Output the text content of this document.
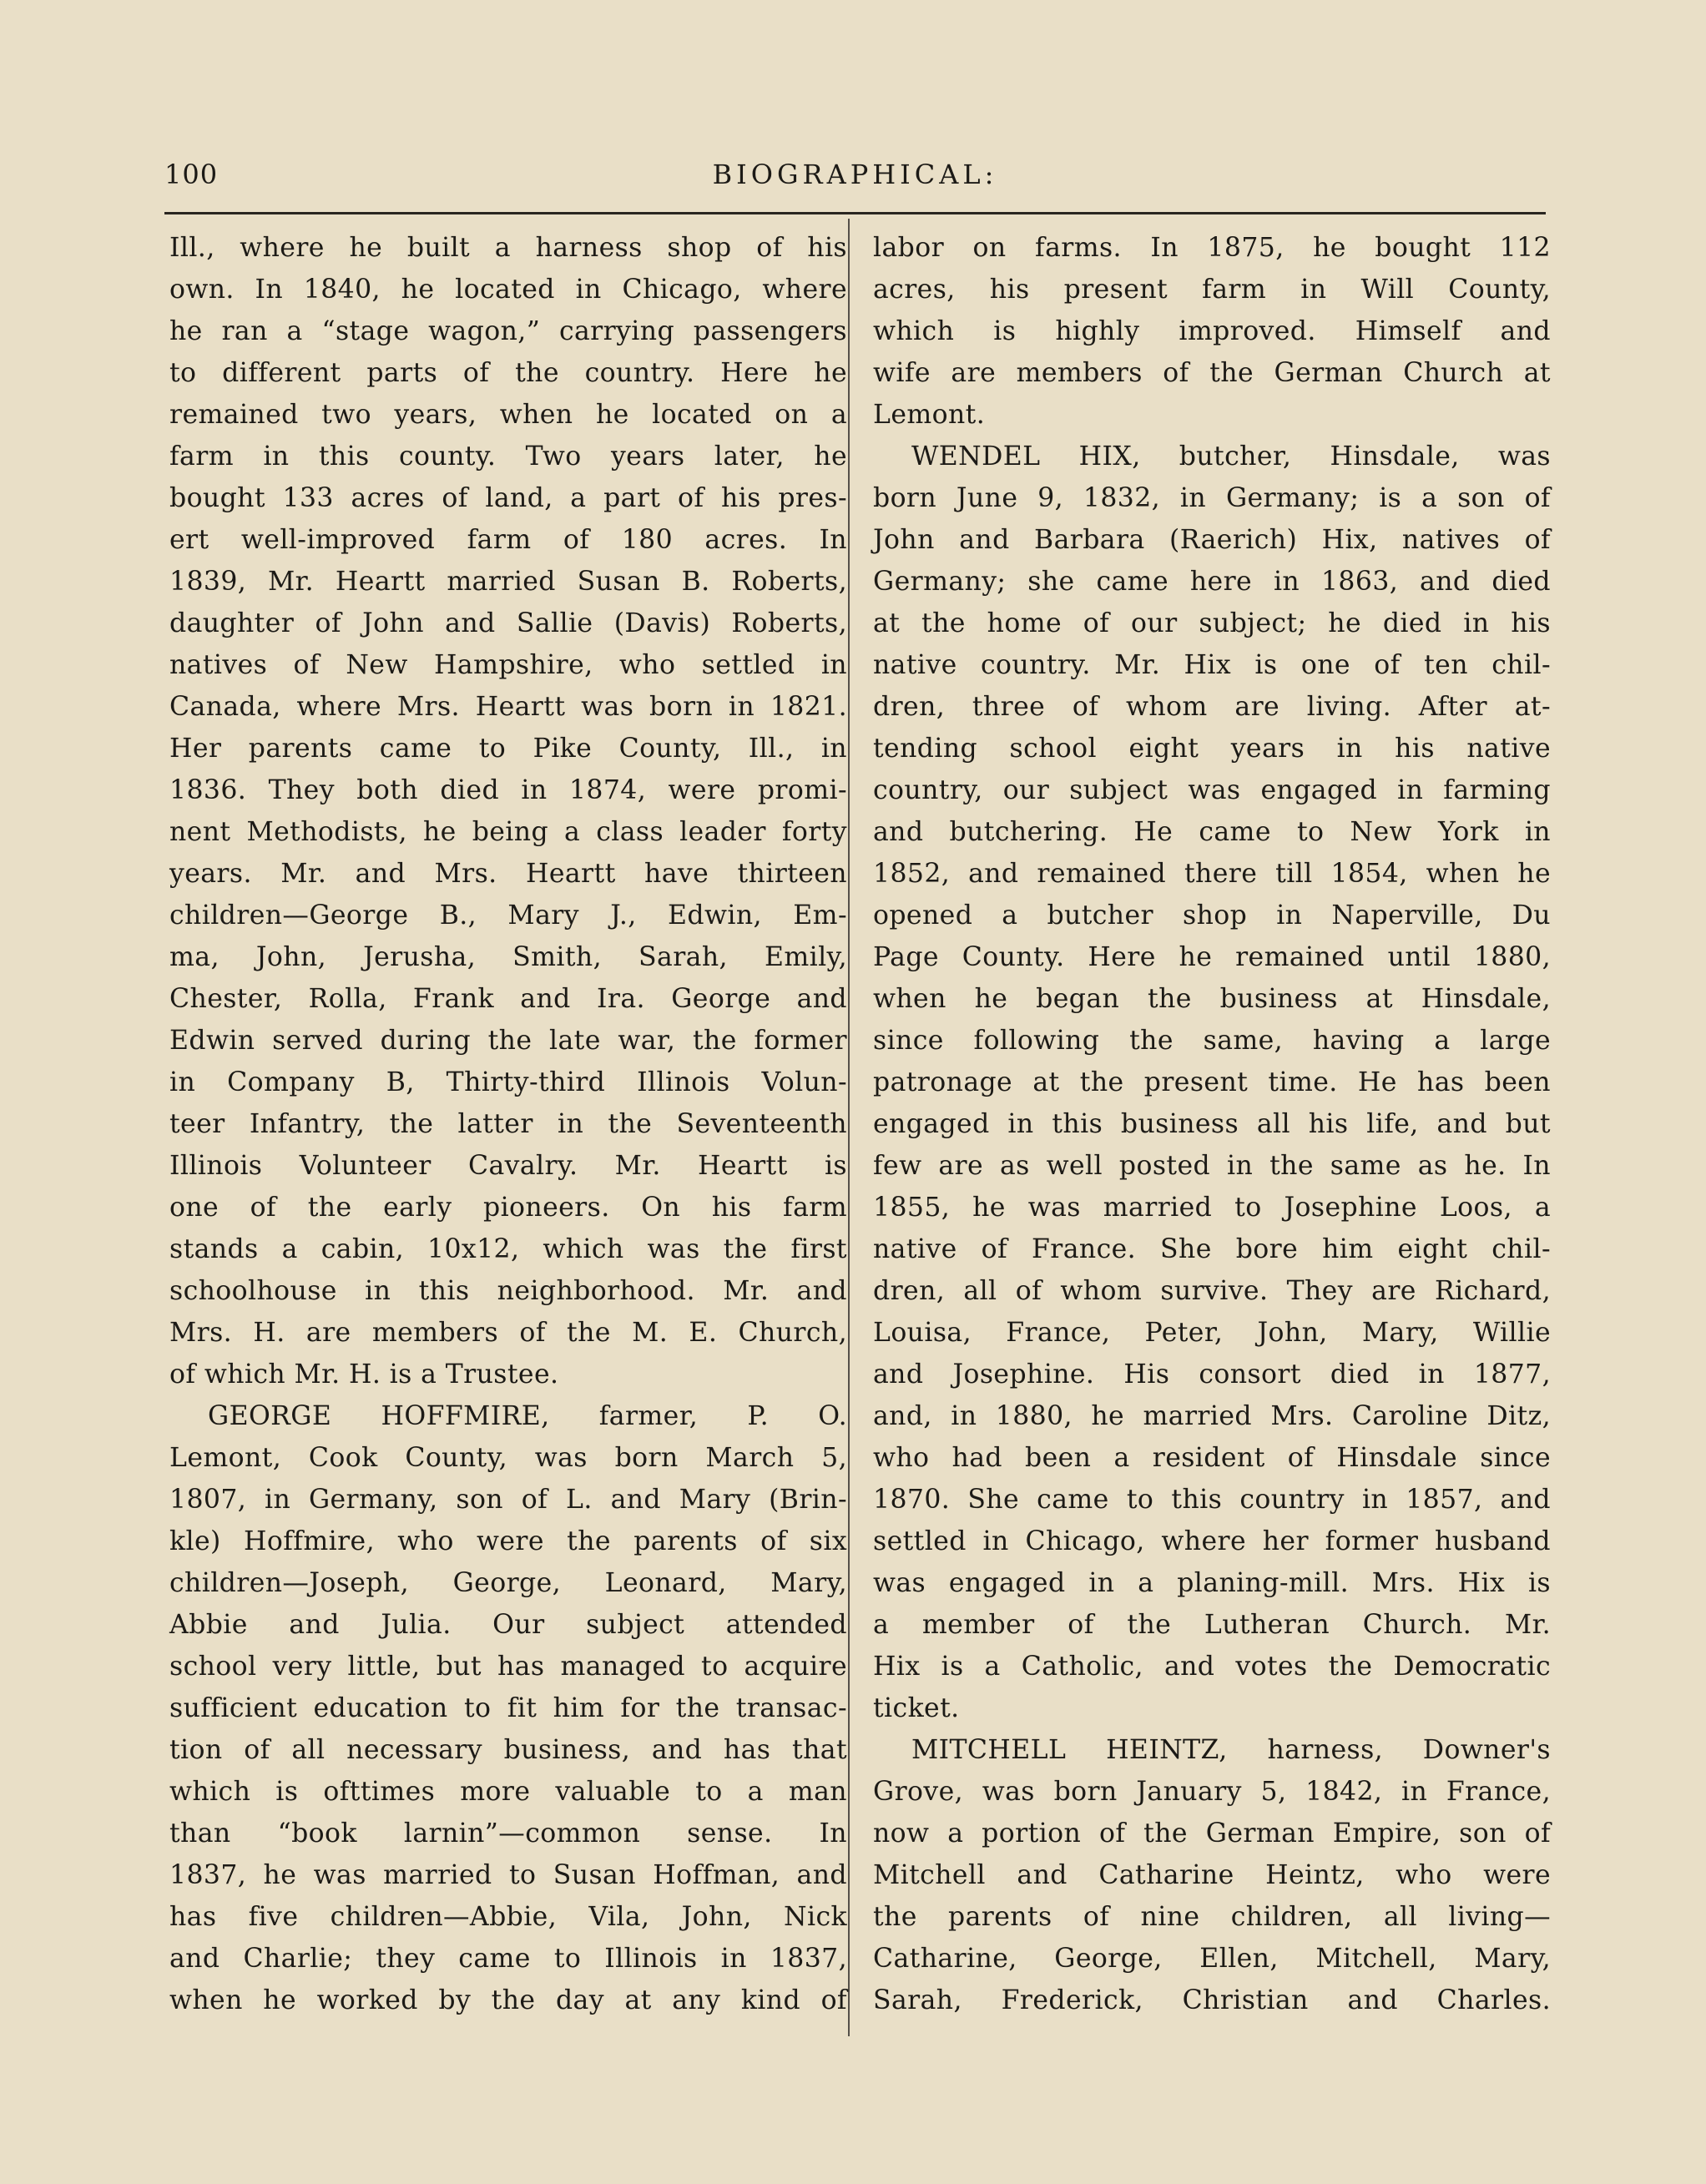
100	BIOGRAPHICAL:
Ill., where he built a harness shop of his
own. In 1840, he located in Chicago, where
he ran a “stage wagon,” carrying passengers
to different parts of the country. Here he
remained two years, when he located on a
farm in this county. Two years later, he
bought 133 acres of land, a part of his pres-
ert well-improved farm of 180 acres. In
1839, Mr. Heartt married Susan B. Roberts,
daughter of John and Sallie (Davis) Roberts,
natives of New Hampshire, who settled in
Canada, where Mrs. Heartt was born in 1821.
Her parents came to Pike County, Ill., in
1836. They both died in 1874, were promi-
nent Methodists, he being a class leader forty
years. Mr. and Mrs. Heartt have thirteen
children—George B., Mary J., Edwin, Em-
ma, John, Jerusha, Smith, Sarah, Emily,
Chester, Rolla, Frank and Ira. George and
Edwin served during the late war, the former
in Company B, Thirty-third Illinois Volun-
teer Infantry, the latter in the Seventeenth
Illinois Volunteer Cavalry. Mr. Heartt is
one of the early pioneers. On his farm
stands a cabin, 10x12, which was the first
schoolhouse in this neighborhood. Mr. and
Mrs. H. are members of the M. E. Church,
of which Mr. H. is a Trustee.
GEORGE HOFFMIRE, farmer, P. O.
Lemont, Cook County, was born March 5,
1807, in Germany, son of L. and Mary (Brin-
kle) Hoffmire, who were the parents of six
children—Joseph, George, Leonard, Mary,
Abbie and Julia. Our subject attended
school very little, but has managed to acquire
sufficient education to fit him for the transac-
tion of all necessary business, and has that
which is ofttimes more valuable to a man
than “book larnin”—common sense. In
1837, he was married to Susan Hoffman, and
has five children—Abbie, Vila, John, Nick
and Charlie; they came to Illinois in 1837,
when he worked by the day at any kind of
labor on farms. In 1875, he bought 112
acres, his present farm in Will County,
which is highly improved. Himself and
wife are members of the German Church at
Lemont.
WENDEL HIX, butcher, Hinsdale, was
born June 9, 1832, in Germany; is a son of
John and Barbara (Raerich) Hix, natives of
Germany; she came here in 1863, and died
at the home of our subject; he died in his
native country. Mr. Hix is one of ten chil-
dren, three of whom are living. After at-
tending school eight years in his native
country, our subject was engaged in farming
and butchering. He came to New York in
1852, and remained there till 1854, when he
opened a butcher shop in Naperville, Du
Page County. Here he remained until 1880,
when he began the business at Hinsdale,
since following the same, having a large
patronage at the present time. He has been
engaged in this business all his life, and but
few are as well posted in the same as he. In
1855, he was married to Josephine Loos, a
native of France. She bore him eight chil-
dren, all of whom survive. They are Richard,
Louisa, France, Peter, John, Mary, Willie
and Josephine. His consort died in 1877,
and, in 1880, he married Mrs. Caroline Ditz,
who had been a resident of Hinsdale since
1870. She came to this country in 1857, and
settled in Chicago, where her former husband
was engaged in a planing-mill. Mrs. Hix is
a member of the Lutheran Church. Mr.
Hix is a Catholic, and votes the Democratic
ticket.
MITCHELL HEINTZ, harness, Downer's
Grove, was born January 5, 1842, in France,
now a portion of the German Empire, son of
Mitchell and Catharine Heintz, who were
the parents of nine children, all living—
Catharine, George, Ellen, Mitchell, Mary,
Sarah, Frederick, Christian and Charles.
